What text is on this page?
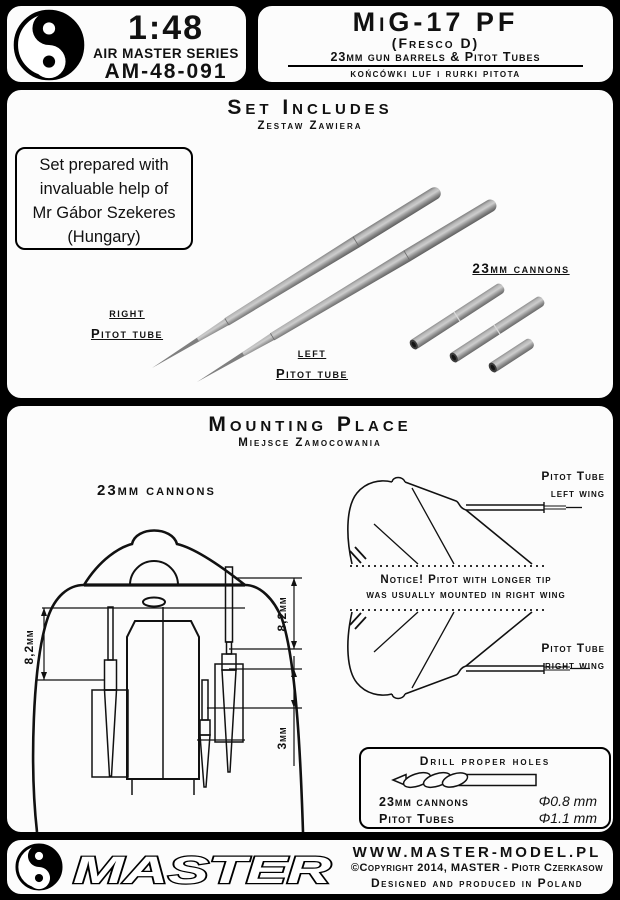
1:48
AIR MASTER SERIES
AM-48-091
MiG-17 PF
(Fresco D)
23mm gun barrels & Pitot Tubes
końcówki luf i rurki pitota
Set Includes
Zestaw Zawiera
Set prepared with
invaluable help of
Mr Gábor Szekeres
(Hungary)
right
Pitot tube
left
Pitot tube
23mm cannons
Mounting Place
Miejsce Zamocowania
23mm cannons
8,2mm
8,2mm
3mm
Pitot Tube
left wing
Pitot Tube
right wing
Notice! Pitot with longer tip
was usually mounted in right wing
Drill proper holes
23mm cannons	Φ0.8 mm
Pitot Tubes	Φ1.1 mm
MASTER	WWW.MASTER-MODEL.PL
©Copyright 2014, MASTER - Piotr Czerkasow
Designed and produced in Poland
